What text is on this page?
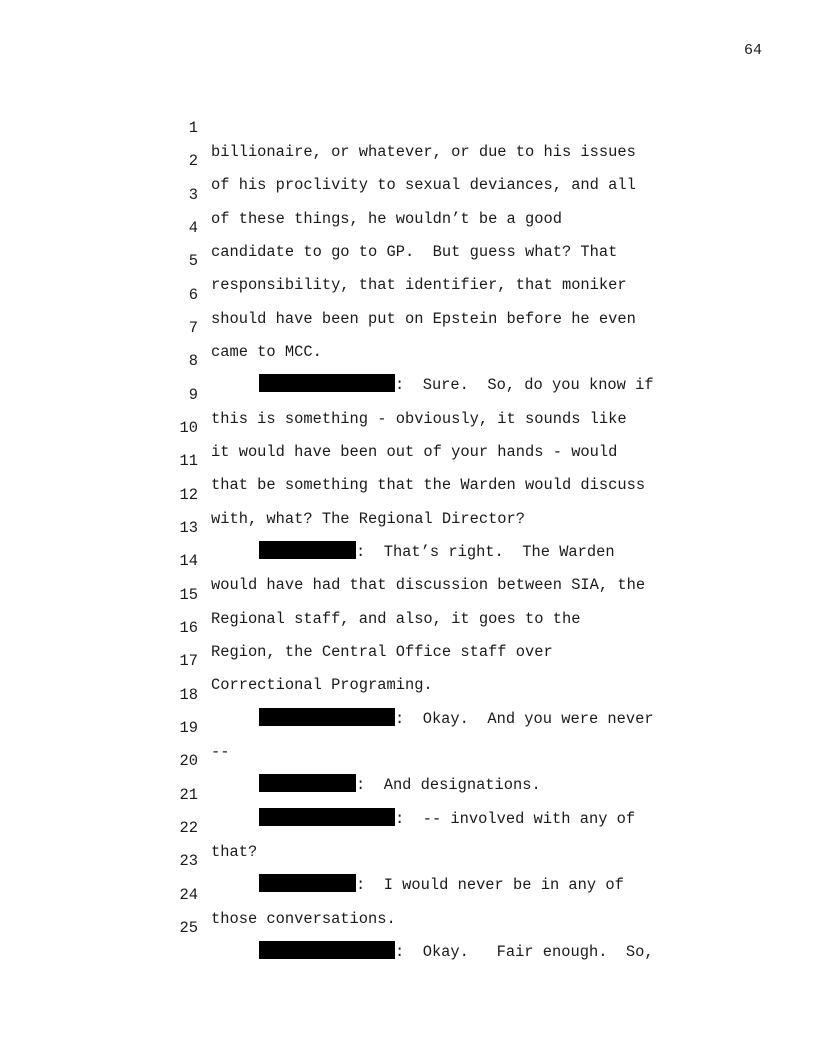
64

1

billionaire, or whatever, or due to his issues

2

of his proclivity to sexual deviances, and all

3

of these things, he wouldn’t be a good

4

candidate to go to GP.  But guess what? That

5

responsibility, that identifier, that moniker

6

should have been put on Epstein before he even

7

came to MCC.

8

:  Sure.  So, do you know if

9

this is something - obviously, it sounds like

10

it would have been out of your hands - would

11

that be something that the Warden would discuss

12

with, what? The Regional Director?

13

:  That’s right.  The Warden

14

would have had that discussion between SIA, the

15

Regional staff, and also, it goes to the

16

Region, the Central Office staff over

17

Correctional Programing.

18

:  Okay.  And you were never

19

--

20

:  And designations.

21

:  -- involved with any of

22

that?

23

:  I would never be in any of

24

those conversations.

25

:  Okay.   Fair enough.  So,
